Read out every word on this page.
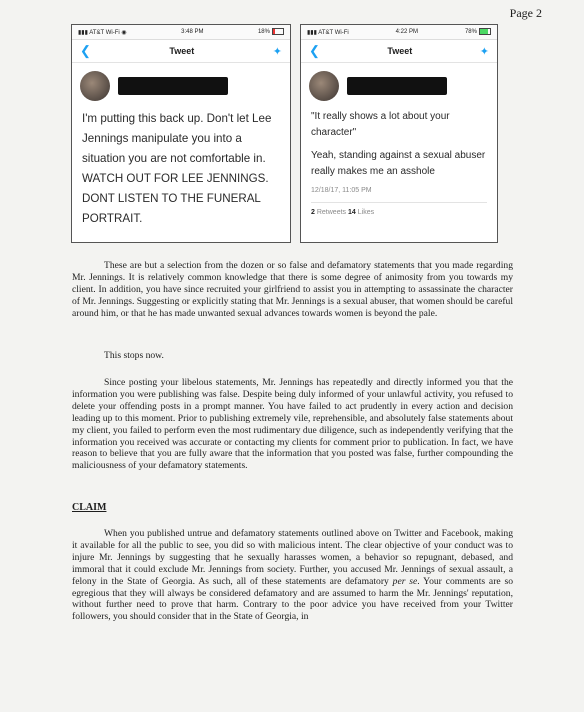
Page 2
▮▮▮ AT&T Wi-Fi ◉	3:48 PM	18%
❮	Tweet	✦
I'm putting this back up. Don't let Lee Jennings manipulate you into a situation you are not comfortable in. WATCH OUT FOR LEE JENNINGS. DONT LISTEN TO THE FUNERAL PORTRAIT.
▮▮▮ AT&T Wi-Fi	4:22 PM	78%
❮	Tweet	✦

"It really shows a lot about your character"

Yeah, standing against a sexual abuser really makes me an asshole

12/18/17, 11:05 PM
2 Retweets 14 Likes

These are but a selection from the dozen or so false and defamatory statements that you made regarding Mr. Jennings. It is relatively common knowledge that there is some degree of animosity from you towards my client. In addition, you have since recruited your girlfriend to assist you in attempting to assassinate the character of Mr. Jennings. Suggesting or explicitly stating that Mr. Jennings is a sexual abuser, that women should be careful around him, or that he has made unwanted sexual advances towards women is beyond the pale.

This stops now.

Since posting your libelous statements, Mr. Jennings has repeatedly and directly informed you that the information you were publishing was false. Despite being duly informed of your unlawful activity, you refused to delete your offending posts in a prompt manner. You have failed to act prudently in every action and decision leading up to this moment. Prior to publishing extremely vile, reprehensible, and absolutely false statements about my client, you failed to perform even the most rudimentary due diligence, such as independently verifying that the information you received was accurate or contacting my clients for comment prior to publication. In fact, we have reason to believe that you are fully aware that the information that you posted was false, further compounding the maliciousness of your defamatory statements.

CLAIM

When you published untrue and defamatory statements outlined above on Twitter and Facebook, making it available for all the public to see, you did so with malicious intent. The clear objective of your conduct was to injure Mr. Jennings by suggesting that he sexually harasses women, a behavior so repugnant, debased, and immoral that it could exclude Mr. Jennings from society. Further, you accused Mr. Jennings of sexual assault, a felony in the State of Georgia. As such, all of these statements are defamatory per se. Your comments are so egregious that they will always be considered defamatory and are assumed to harm the Mr. Jennings' reputation, without further need to prove that harm. Contrary to the poor advice you have received from your Twitter followers, you should consider that in the State of Georgia, in
